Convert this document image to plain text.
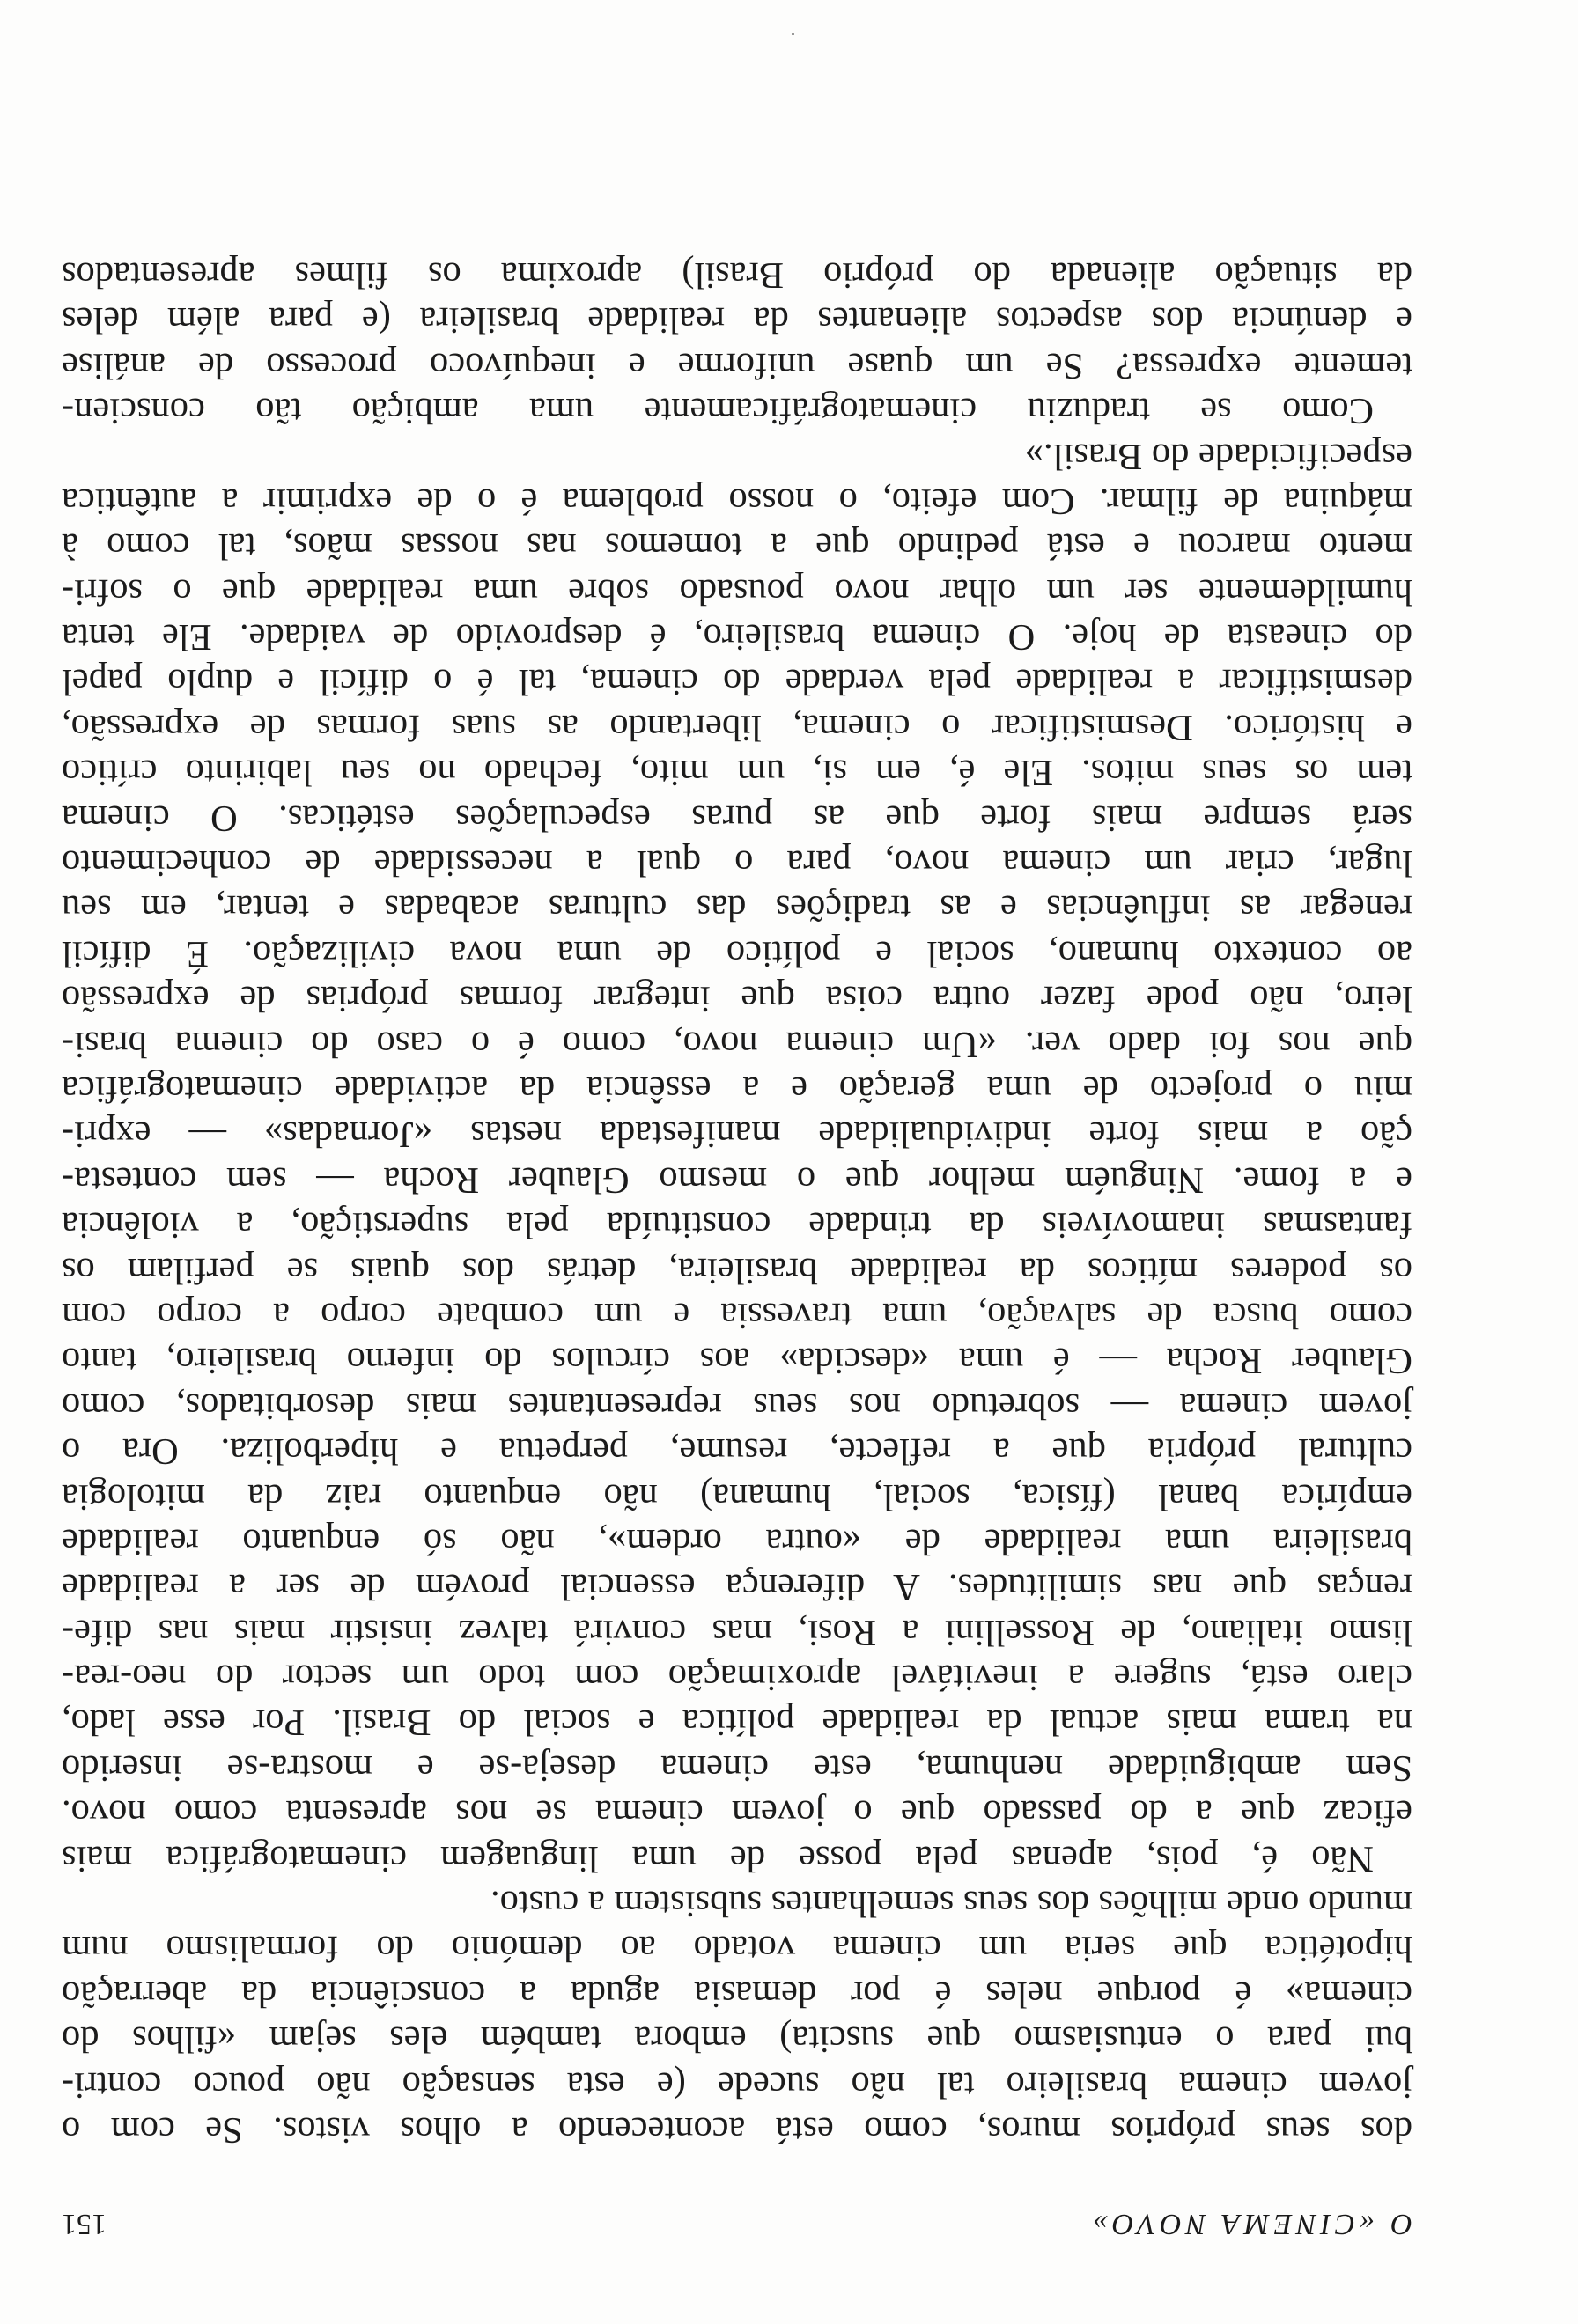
O «CINEMA NOVO»
151
dos seus próprios muros, como está acontecendo a olhos vistos. Se com o
jovem cinema brasileiro tal não sucede (e esta sensação não pouco contri-
bui para o entusiasmo que suscita) embora também eles sejam «filhos do
cinema» é porque neles é por demasia aguda a consciência da aberração
hipotética que seria um cinema votado ao demónio do formalismo num
mundo onde milhões dos seus semelhantes subsistem a custo.
Não é, pois, apenas pela posse de uma linguagem cinematográfica mais
eficaz que a do passado que o jovem cinema se nos apresenta como novo.
Sem ambiguidade nenhuma, este cinema deseja-se e mostra-se inserido
na trama mais actual da realidade política e social do Brasil. Por esse lado,
claro está, sugere a inevitável aproximação com todo um sector do neo-rea-
lismo italiano, de Rossellini a Rosi, mas convirá talvez insistir mais nas dife-
renças que nas similitudes. A diferença essencial provém de ser a realidade
brasileira uma realidade de «outra ordem», não só enquanto realidade
empírica banal (física, social, humana) não enquanto raiz da mitologia
cultural própria que a reflecte, resume, perpetua e hiperboliza. Ora o
jovem cinema — sobretudo nos seus representantes mais desorbitados, como
Glauber Rocha — é uma «descida» aos círculos do inferno brasileiro, tanto
como busca de salvação, uma travessia e um combate corpo a corpo com
os poderes míticos da realidade brasileira, detrás dos quais se perfilam os
fantasmas inamovíveis da trindade constituída pela superstição, a violência
e a fome. Ninguém melhor que o mesmo Glauber Rocha — sem contesta-
ção a mais forte individualidade manifestada nestas «Jornadas» — expri-
miu o projecto de uma geração e a essência da actividade cinematográfica
que nos foi dado ver. «Um cinema novo, como é o caso do cinema brasi-
leiro, não pode fazer outra coisa que integrar formas próprias de expressão
ao contexto humano, social e político de uma nova civilização. É difícil
renegar as influências e as tradições das culturas acabadas e tentar, em seu
lugar, criar um cinema novo, para o qual a necessidade de conhecimento
será sempre mais forte que as puras especulações estéticas. O cinema
tem os seus mitos. Ele é, em si, um mito, fechado no seu labirinto crítico
e histórico. Desmistificar o cinema, libertando as suas formas de expressão,
desmistificar a realidade pela verdade do cinema, tal é o difícil e duplo papel
do cineasta de hoje. O cinema brasileiro, é desprovido de vaidade. Ele tenta
humildemente ser um olhar novo pousado sobre uma realidade que o sofri-
mento marcou e está pedindo que a tomemos nas nossas mãos, tal como à
máquina de filmar. Com efeito, o nosso problema é o de exprimir a autêntica
especificidade do Brasil.»
Como se traduziu cinematográficamente uma ambição tão conscien-
temente expressa? Se um quase uniforme e inequívoco processo de análise
e denúncia dos aspectos alienantes da realidade brasileira (e para além deles
da situação alienada do próprio Brasil) aproxima os filmes apresentados
